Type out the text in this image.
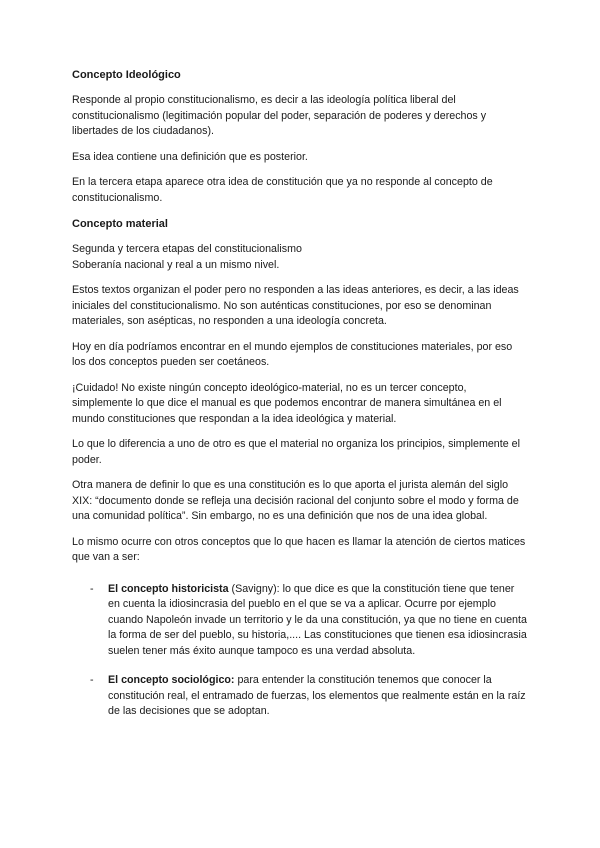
Concepto Ideológico

Responde al propio constitucionalismo, es decir a las ideología política liberal del constitucionalismo (legitimación popular del poder, separación de poderes y derechos y libertades de los ciudadanos).

Esa idea contiene una definición que es posterior.

En la tercera etapa aparece otra idea de constitución que ya no responde al concepto de constitucionalismo.

Concepto material

Segunda y tercera etapas del constitucionalismo
Soberanía nacional y real a un mismo nivel.

Estos textos organizan el poder pero no responden a las ideas anteriores, es decir, a las ideas iniciales del constitucionalismo. No son auténticas constituciones, por eso se denominan materiales, son asépticas, no responden a una ideología concreta.

Hoy en día podríamos encontrar en el mundo ejemplos de constituciones materiales, por eso los dos conceptos pueden ser coetáneos.

¡Cuidado! No existe ningún concepto ideológico-material, no es un tercer concepto, simplemente lo que dice el manual es que podemos encontrar de manera simultánea en el mundo constituciones que respondan a la idea ideológica y material.

Lo que lo diferencia a uno de otro es que el material no organiza los principios, simplemente el poder.

Otra manera de definir lo que es una constitución es lo que aporta el jurista alemán del siglo XIX: “documento donde se refleja una decisión racional del conjunto sobre el modo y forma de una comunidad política”. Sin embargo, no es una definición que nos de una idea global.

Lo mismo ocurre con otros conceptos que lo que hacen es llamar la atención de ciertos matices que van a ser:

- El concepto historicista (Savigny): lo que dice es que la constitución tiene que tener en cuenta la idiosincrasia del pueblo en el que se va a aplicar. Ocurre por ejemplo cuando Napoleón invade un territorio y le da una constitución, ya que no tiene en cuenta la forma de ser del pueblo, su historia,.... Las constituciones que tienen esa idiosincrasia suelen tener más éxito aunque tampoco es una verdad absoluta.
- El concepto sociológico: para entender la constitución tenemos que conocer la constitución real, el entramado de fuerzas, los elementos que realmente están en la raíz de las decisiones que se adoptan.
